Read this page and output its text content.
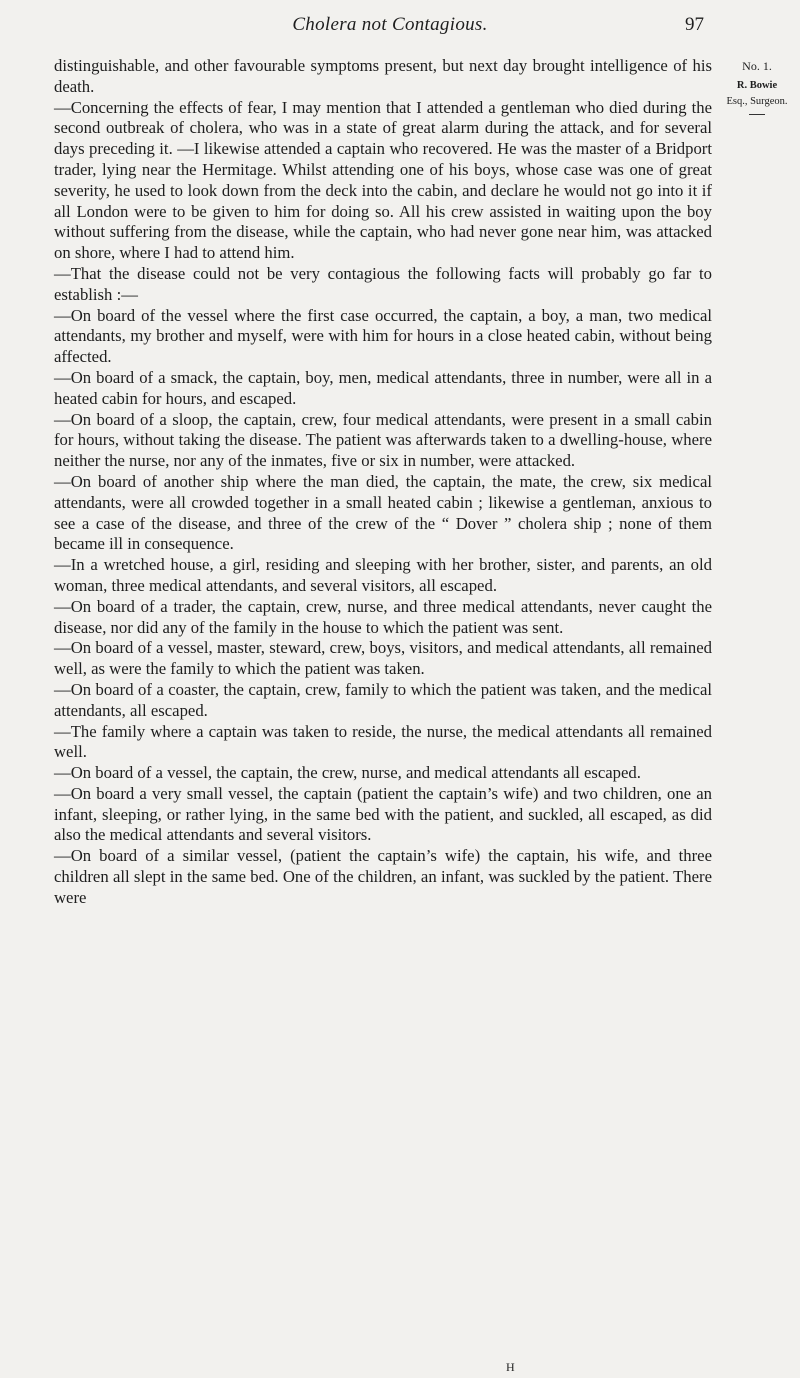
Cholera not Contagious.	97

distinguishable, and other favourable symptoms present, but next day brought intelligence of his death.

—Concerning the effects of fear, I may mention that I attended a gentleman who died during the second outbreak of cholera, who was in a state of great alarm during the attack, and for several days preceding it. —I likewise attended a captain who recovered. He was the master of a Bridport trader, lying near the Hermitage. Whilst attending one of his boys, whose case was one of great severity, he used to look down from the deck into the cabin, and declare he would not go into it if all London were to be given to him for doing so. All his crew assisted in waiting upon the boy without suffering from the disease, while the captain, who had never gone near him, was attacked on shore, where I had to attend him.

—That the disease could not be very contagious the following facts will probably go far to establish :—

—On board of the vessel where the first case occurred, the captain, a boy, a man, two medical attendants, my brother and myself, were with him for hours in a close heated cabin, without being affected.

—On board of a smack, the captain, boy, men, medical attendants, three in number, were all in a heated cabin for hours, and escaped.

—On board of a sloop, the captain, crew, four medical attendants, were present in a small cabin for hours, without taking the disease. The patient was afterwards taken to a dwelling-house, where neither the nurse, nor any of the inmates, five or six in number, were attacked.

—On board of another ship where the man died, the captain, the mate, the crew, six medical attendants, were all crowded together in a small heated cabin ; likewise a gentleman, anxious to see a case of the disease, and three of the crew of the “ Dover ” cholera ship ; none of them became ill in consequence.

—In a wretched house, a girl, residing and sleeping with her brother, sister, and parents, an old woman, three medical attendants, and several visitors, all escaped.

—On board of a trader, the captain, crew, nurse, and three medical attendants, never caught the disease, nor did any of the family in the house to which the patient was sent.

—On board of a vessel, master, steward, crew, boys, visitors, and medical attendants, all remained well, as were the family to which the patient was taken.

—On board of a coaster, the captain, crew, family to which the patient was taken, and the medical attendants, all escaped.

—The family where a captain was taken to reside, the nurse, the medical attendants all remained well.

—On board of a vessel, the captain, the crew, nurse, and medical attendants all escaped.

—On board a very small vessel, the captain (patient the captain’s wife) and two children, one an infant, sleeping, or rather lying, in the same bed with the patient, and suckled, all escaped, as did also the medical attendants and several visitors.

—On board of a similar vessel, (patient the captain’s wife) the captain, his wife, and three children all slept in the same bed. One of the children, an infant, was suckled by the patient. There were

No. 1.
R. Bowie
Esq., Surgeon.
H
